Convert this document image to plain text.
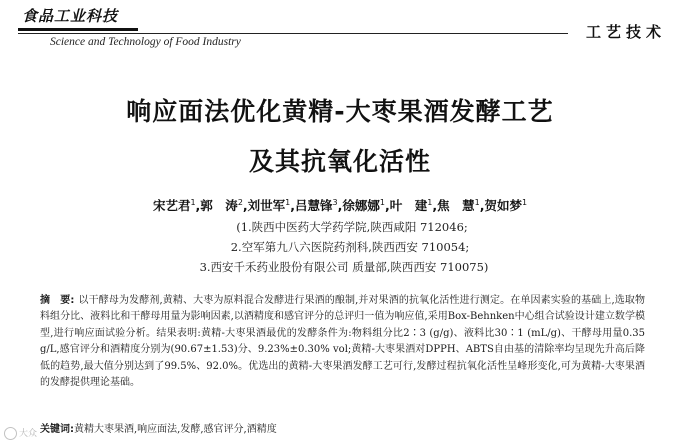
食品工业科技
Science and Technology of Food Industry
工艺技术
响应面法优化黄精-大枣果酒发酵工艺
及其抗氧化活性
宋艺君$^1$,郭　涛$^2$,刘世军$^1$,吕慧锋$^3$,徐娜娜$^1$,叶　建$^1$,焦　慧$^1$,贺如梦$^1$
(1.陕西中医药大学药学院,陕西咸阳 712046;
2.空军第九八六医院药剂科,陕西西安 710054;
3.西安千禾药业股份有限公司 质量部,陕西西安 710075)
摘　要: 以干酵母为发酵剂,黄精、大枣为原料混合发酵进行果酒的酿制,并对果酒的抗氧化活性进行测定。在单因素实验的基础上,选取物料组分比、液料比和干酵母用量为影响因素,以酒精度和感官评分的总评归一值为响应值,采用Box-Behnken中心组合试验设计建立数学模型,进行响应面试验分析。结果表明:黄精-大枣果酒最优的发酵条件为:物料组分比2∶3 (g/g)、液料比30∶1 (mL/g)、干酵母用量0.35 g/L,感官评分和酒精度分别为(90.67±1.53)分、9.23%±0.30% vol;黄精-大枣果酒对DPPH、ABTS自由基的清除率均呈现先升高后降低的趋势,最大值分别达到了99.5%、92.0%。优选出的黄精-大枣果酒发酵工艺可行,发酵过程抗氧化活性呈峰形变化,可为黄精-大枣果酒的发酵提供理论基础。
关键词:黄精大枣果酒,响应面法,发酵,感官评分,酒精度
大众
